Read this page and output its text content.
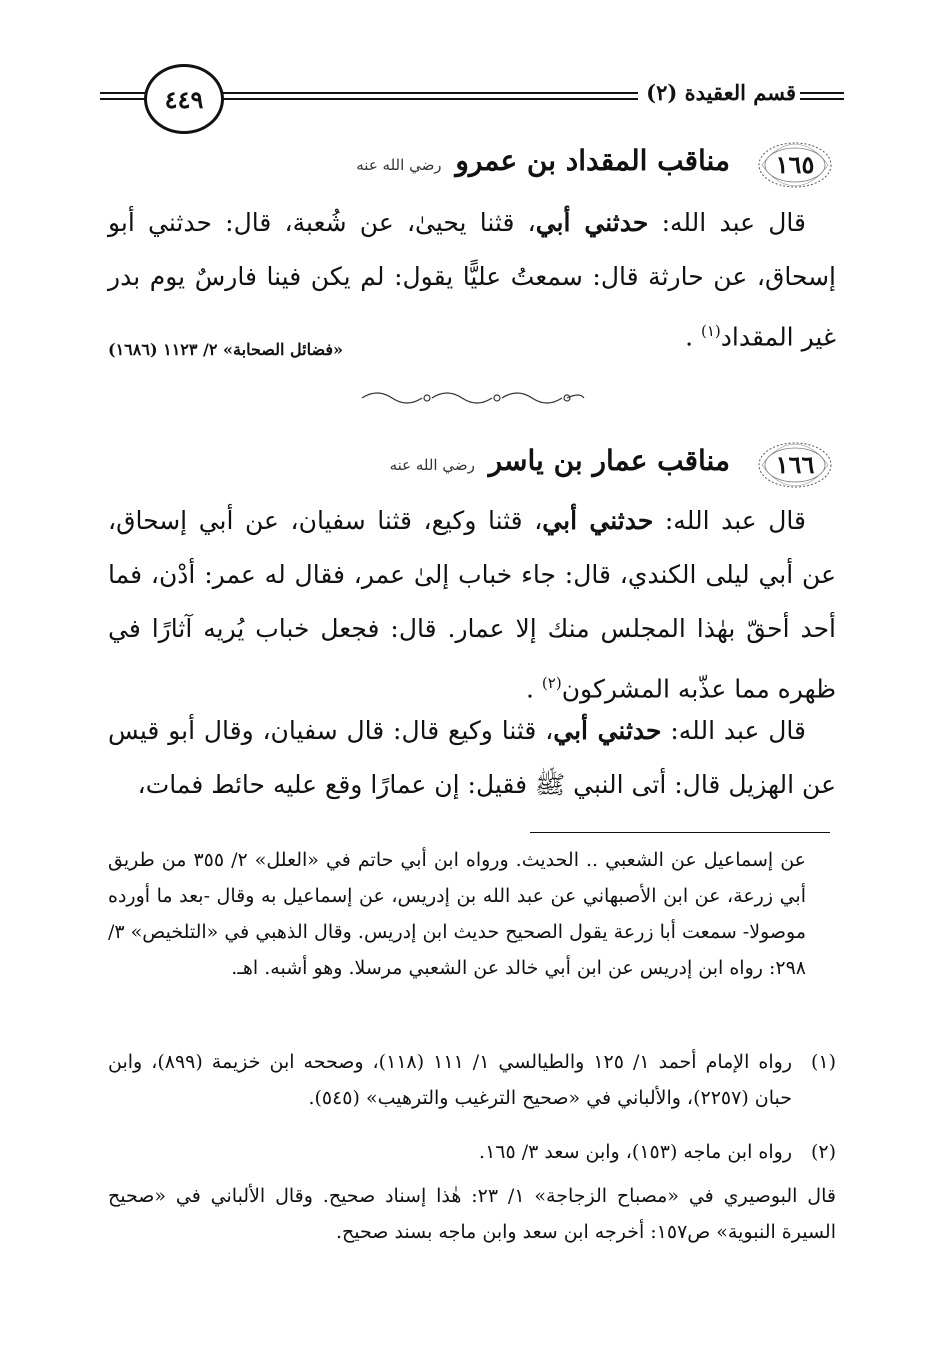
٤٤٩	قسم العقيدة (٢)
١٦٥
مناقب المقداد بن عمرو رضي الله عنه
قال عبد الله: حدثني أبي، قثنا يحيىٰ، عن شُعبة، قال: حدثني أبو إسحاق، عن حارثة قال: سمعتُ عليًّا يقول: لم يكن فينا فارسٌ يوم بدر غير المقداد$^{(١)}$ .
«فضائل الصحابة» ٢/ ١١٢٣ (١٦٨٦)
١٦٦
مناقب عمار بن ياسر رضي الله عنه
قال عبد الله: حدثني أبي، قثنا وكيع، قثنا سفيان، عن أبي إسحاق، عن أبي ليلى الكندي، قال: جاء خباب إلىٰ عمر، فقال له عمر: أدْن، فما أحد أحقّ بهٰذا المجلس منك إلا عمار. قال: فجعل خباب يُريه آثارًا في ظهره مما عذّبه المشركون$^{(٢)}$ .
قال عبد الله: حدثني أبي، قثنا وكيع قال: قال سفيان، وقال أبو قيس عن الهزيل قال: أتى النبي ﷺ فقيل: إن عمارًا وقع عليه حائط فمات،
عن إسماعيل عن الشعبي .. الحديث. ورواه ابن أبي حاتم في «العلل» ٢/ ٣٥٥ من طريق أبي زرعة، عن ابن الأصبهاني عن عبد الله بن إدريس، عن إسماعيل به وقال -بعد ما أورده موصولا- سمعت أبا زرعة يقول الصحيح حديث ابن إدريس. وقال الذهبي في «التلخيص» ٣/ ٢٩٨: رواه ابن إدريس عن ابن أبي خالد عن الشعبي مرسلا. وهو أشبه. اهـ.
(١)
رواه الإمام أحمد ١/ ١٢٥ والطيالسي ١/ ١١١ (١١٨)، وصححه ابن خزيمة (٨٩٩)، وابن حبان (٢٢٥٧)، والألباني في «صحيح الترغيب والترهيب» (٥٤٥).
(٢)
رواه ابن ماجه (١٥٣)، وابن سعد ٣/ ١٦٥.
قال البوصيري في «مصباح الزجاجة» ١/ ٢٣: هٰذا إسناد صحيح. وقال الألباني في «صحيح السيرة النبوية» ص١٥٧: أخرجه ابن سعد وابن ماجه بسند صحيح.
